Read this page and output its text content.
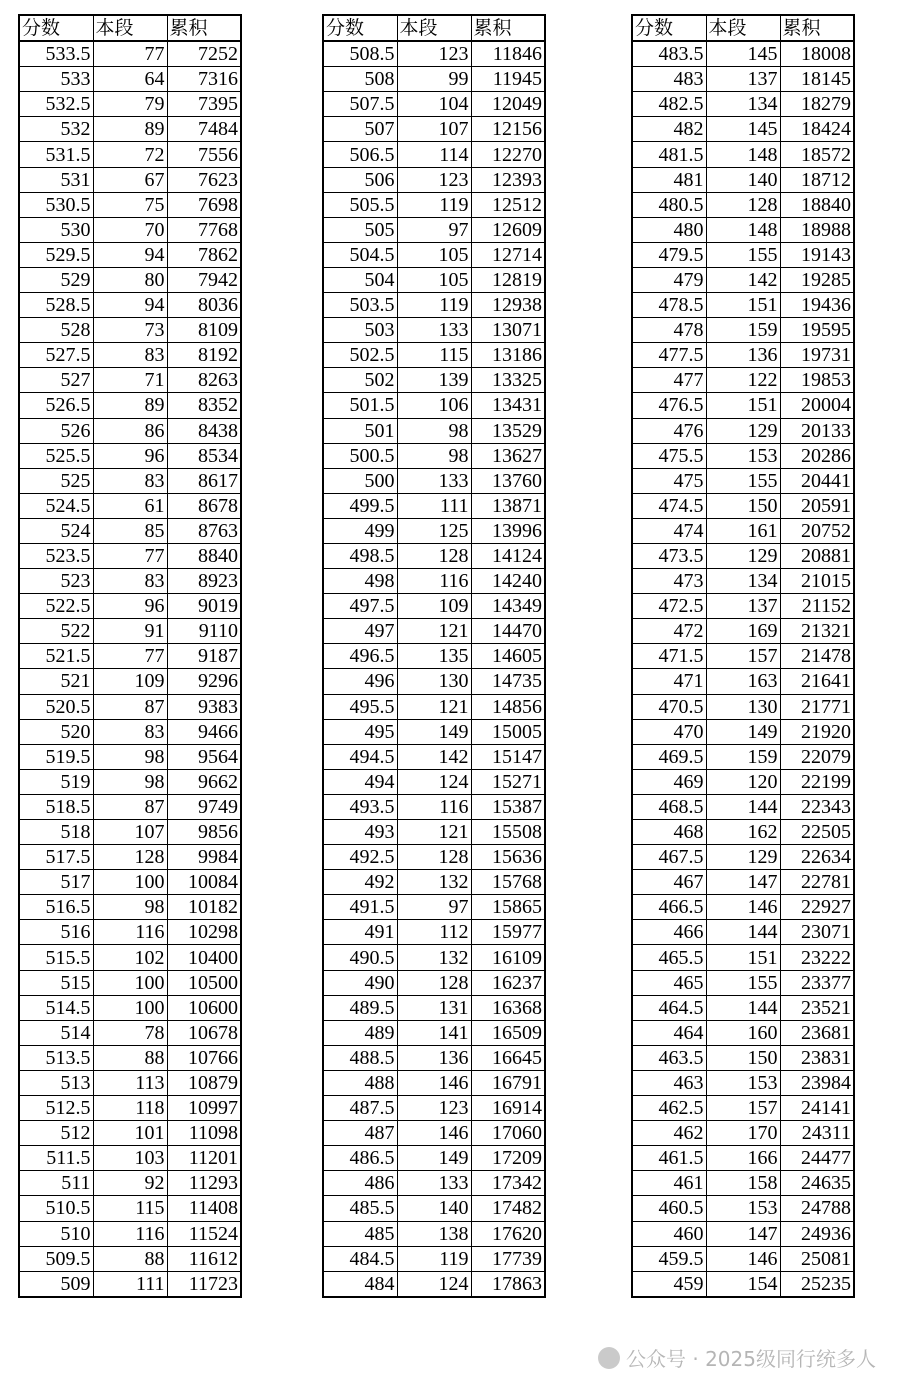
分数	本段	累积
533.5	77	7252
533	64	7316
532.5	79	7395
532	89	7484
531.5	72	7556
531	67	7623
530.5	75	7698
530	70	7768
529.5	94	7862
529	80	7942
528.5	94	8036
528	73	8109
527.5	83	8192
527	71	8263
526.5	89	8352
526	86	8438
525.5	96	8534
525	83	8617
524.5	61	8678
524	85	8763
523.5	77	8840
523	83	8923
522.5	96	9019
522	91	9110
521.5	77	9187
521	109	9296
520.5	87	9383
520	83	9466
519.5	98	9564
519	98	9662
518.5	87	9749
518	107	9856
517.5	128	9984
517	100	10084
516.5	98	10182
516	116	10298
515.5	102	10400
515	100	10500
514.5	100	10600
514	78	10678
513.5	88	10766
513	113	10879
512.5	118	10997
512	101	11098
511.5	103	11201
511	92	11293
510.5	115	11408
510	116	11524
509.5	88	11612
509	111	11723
分数	本段	累积
508.5	123	11846
508	99	11945
507.5	104	12049
507	107	12156
506.5	114	12270
506	123	12393
505.5	119	12512
505	97	12609
504.5	105	12714
504	105	12819
503.5	119	12938
503	133	13071
502.5	115	13186
502	139	13325
501.5	106	13431
501	98	13529
500.5	98	13627
500	133	13760
499.5	111	13871
499	125	13996
498.5	128	14124
498	116	14240
497.5	109	14349
497	121	14470
496.5	135	14605
496	130	14735
495.5	121	14856
495	149	15005
494.5	142	15147
494	124	15271
493.5	116	15387
493	121	15508
492.5	128	15636
492	132	15768
491.5	97	15865
491	112	15977
490.5	132	16109
490	128	16237
489.5	131	16368
489	141	16509
488.5	136	16645
488	146	16791
487.5	123	16914
487	146	17060
486.5	149	17209
486	133	17342
485.5	140	17482
485	138	17620
484.5	119	17739
484	124	17863
分数	本段	累积
483.5	145	18008
483	137	18145
482.5	134	18279
482	145	18424
481.5	148	18572
481	140	18712
480.5	128	18840
480	148	18988
479.5	155	19143
479	142	19285
478.5	151	19436
478	159	19595
477.5	136	19731
477	122	19853
476.5	151	20004
476	129	20133
475.5	153	20286
475	155	20441
474.5	150	20591
474	161	20752
473.5	129	20881
473	134	21015
472.5	137	21152
472	169	21321
471.5	157	21478
471	163	21641
470.5	130	21771
470	149	21920
469.5	159	22079
469	120	22199
468.5	144	22343
468	162	22505
467.5	129	22634
467	147	22781
466.5	146	22927
466	144	23071
465.5	151	23222
465	155	23377
464.5	144	23521
464	160	23681
463.5	150	23831
463	153	23984
462.5	157	24141
462	170	24311
461.5	166	24477
461	158	24635
460.5	153	24788
460	147	24936
459.5	146	25081
459	154	25235
公众号 · 2025级同行统多人
